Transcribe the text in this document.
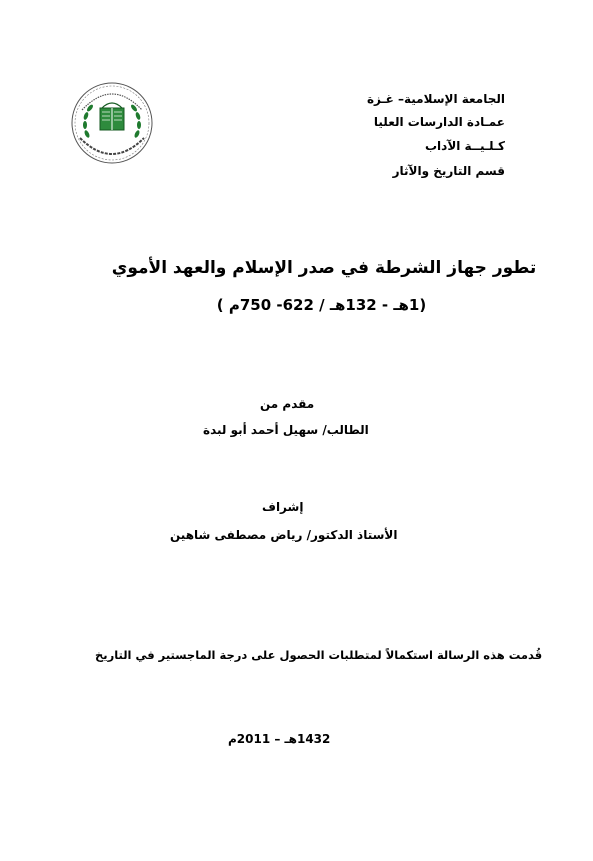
الجامعة الإسلامية– غـزة
عمـادة الدارسات العليا
كـلـيــة الآداب
قسم التاريخ والآثار
تطور جهاز الشرطة في صدر الإسلام والعهد الأموي
(1هـ - 132هـ / 622- 750م )
مقدم من
الطالب/ سهيل أحمد أبو لبدة
إشراف
الأستاذ الدكتور/ رياض مصطفى شاهين
قُدمت هذه الرسالة استكمالاً لمتطلبات الحصول على درجة الماجستير في التاريخ
1432هـ – 2011م
